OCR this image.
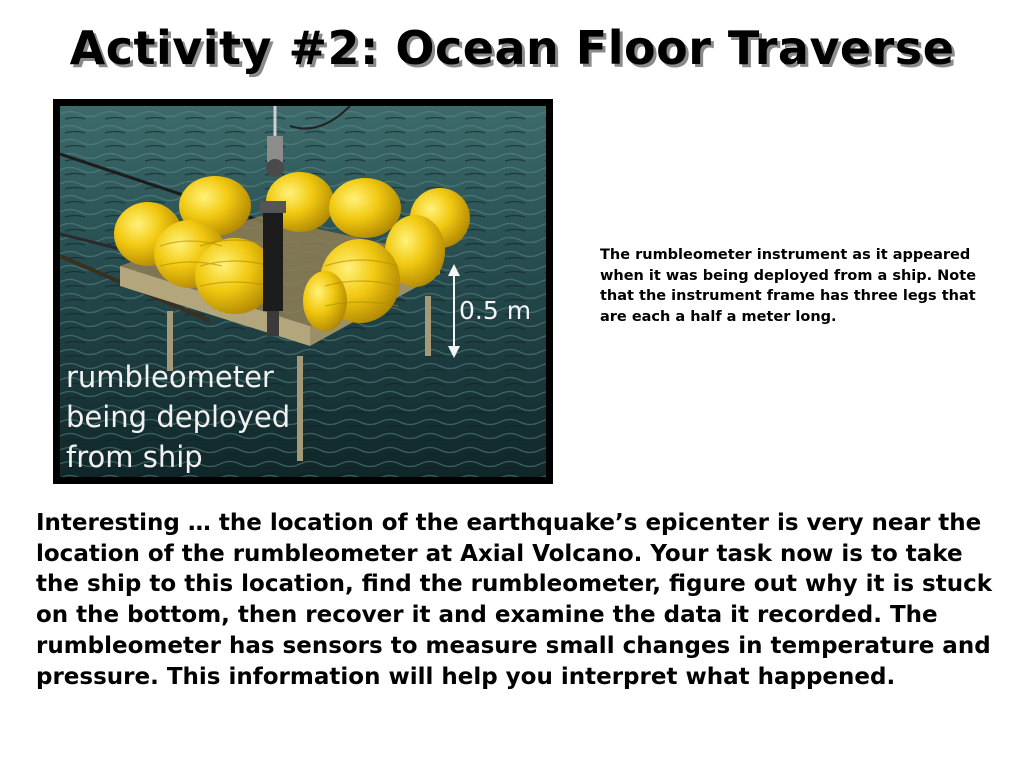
Activity #2: Ocean Floor Traverse
0.5 m
rumbleometer
being deployed
from ship

The rumbleometer instrument as it appeared when it was being deployed from a ship. Note that the instrument frame has three legs that are each a half a meter long.

Interesting … the location of the earthquake’s epicenter is very near the location of the rumbleometer at Axial Volcano. Your task now is to take the ship to this location, find the rumbleometer, figure out why it is stuck on the bottom, then recover it and examine the data it recorded. The rumbleometer has sensors to measure small changes in temperature and pressure. This information will help you interpret what happened.
